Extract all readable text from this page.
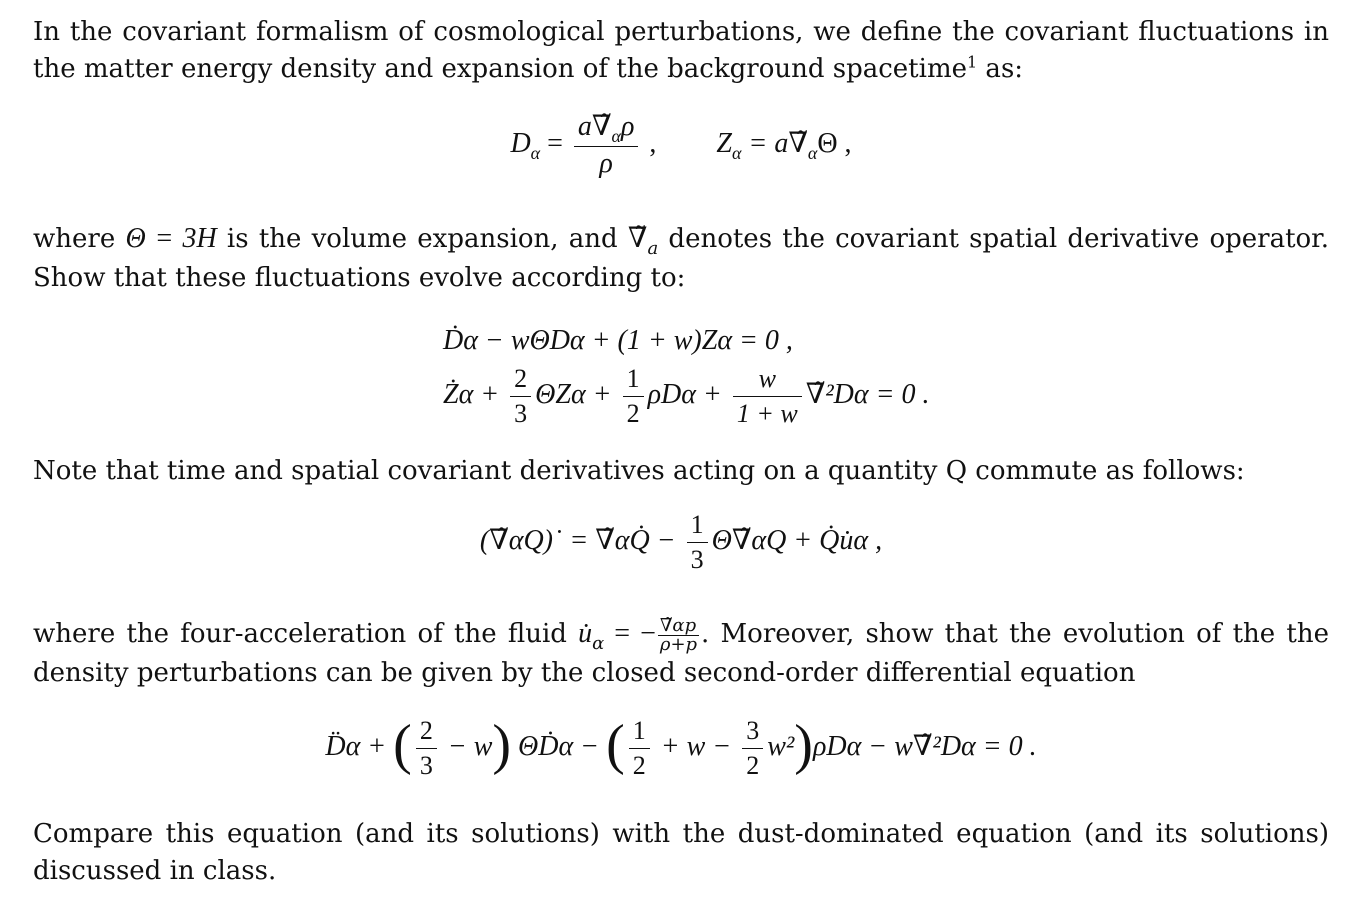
In the covariant formalism of cosmological perturbations, we define the covariant fluctuations in the matter energy density and expansion of the background spacetime$^1$ as:

$D_\alpha = \frac{a\nablã_\alpha\rho}{\rho}$ , $Z_\alpha$ = $a\nablã_\alpha\Theta$ ,

where Θ = 3H is the volume expansion, and $\nablã_a$ denotes the covariant spatial derivative operator. Show that these fluctuations evolve according to:

Ḋα − wΘDα + (1 + w)Zα = 0 ,
Żα + $\frac{2}{3}$ $\Theta Z\alpha + \frac{1}{2}$ $\rho D\alpha + \frac{w}{1 + w}$ ∇̃²Dα = 0 .

Note that time and spatial covariant derivatives acting on a quantity Q commute as follows:

(∇̃αQ)˙ = ∇̃αQ̇ − $\frac{1}{3}$ Θ∇̃αQ + Q̇u̇α ,

where the four-acceleration of the fluid $u̇_\alpha$ = − $\frac{\nablã\alpha p}{\rho+p}$ . Moreover, show that the evolution of the the density perturbations can be given by the closed second-order differential equation

D̈α + ( $\frac{2}{3} - w$) ΘḊα − ( $\frac{1}{2} + w - \frac{3}{2} w^2)\rho D\alpha$ − w∇̃²Dα = 0 .

Compare this equation (and its solutions) with the dust-dominated equation (and its solutions) discussed in class.
